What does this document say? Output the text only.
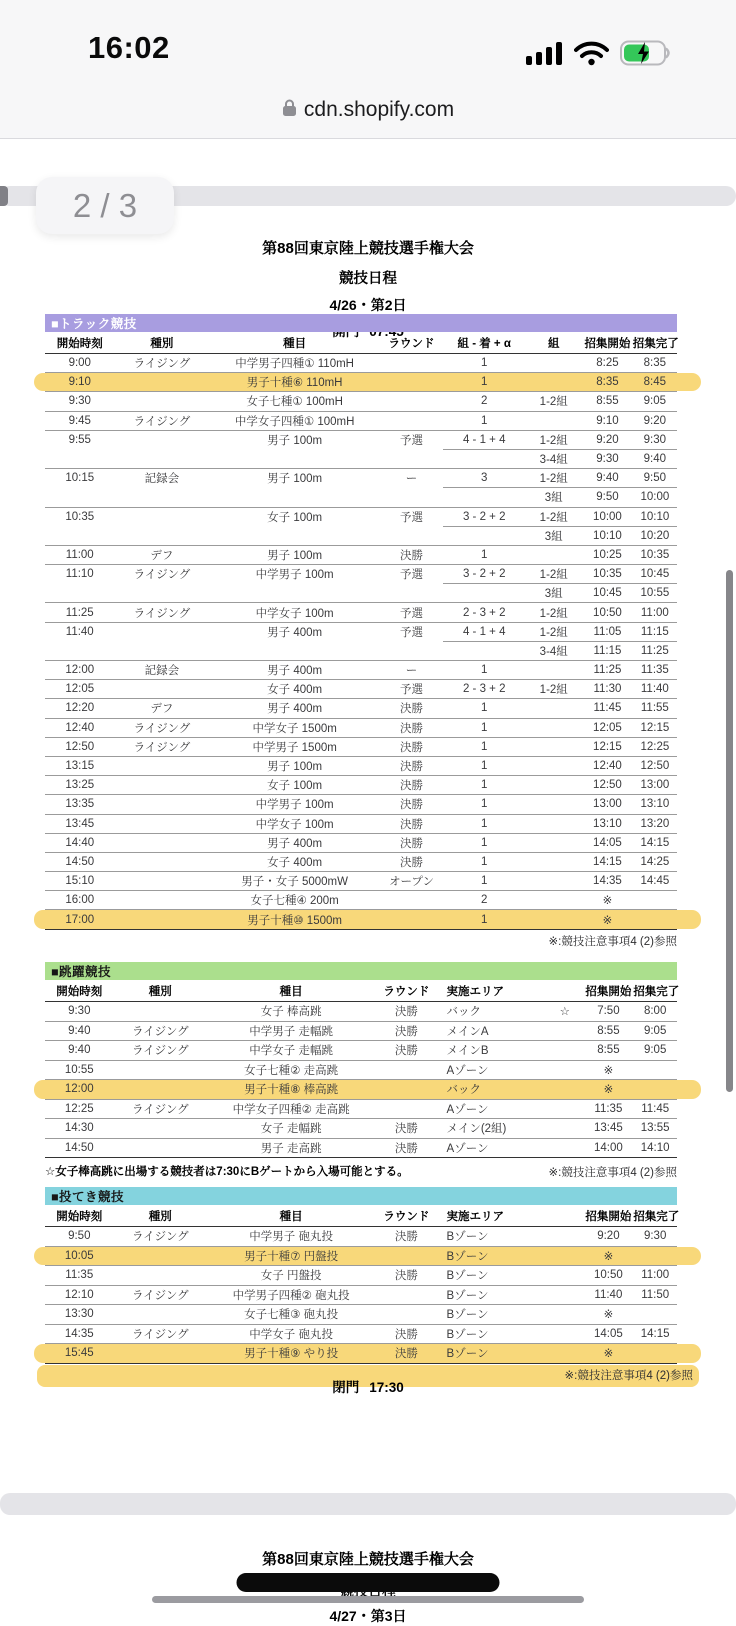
16:02
cdn.shopify.com
2 / 3
第88回東京陸上競技選手権大会
競技日程
4/26・第2日
■トラック競技
開始時刻	種別	種目	ラウンド	組 - 着 + α	組	招集開始	招集完了
9:00	ライジング	中学男子四種① 110mH		1		8:25	8:35
9:10		男子十種⑥ 110mH		1		8:35	8:45
9:30		女子七種① 100mH		2	1-2組	8:55	9:05
9:45	ライジング	中学女子四種① 100mH		1		9:10	9:20
9:55		男子 100m	予選	4 - 1 + 4	1-2組	9:20	9:30
					3-4組	9:30	9:40
10:15	記録会	男子 100m	ー	3	1-2組	9:40	9:50
					3組	9:50	10:00
10:35		女子 100m	予選	3 - 2 + 2	1-2組	10:00	10:10
					3組	10:10	10:20
11:00	デフ	男子 100m	決勝	1		10:25	10:35
11:10	ライジング	中学男子 100m	予選	3 - 2 + 2	1-2組	10:35	10:45
					3組	10:45	10:55
11:25	ライジング	中学女子 100m	予選	2 - 3 + 2	1-2組	10:50	11:00
11:40		男子 400m	予選	4 - 1 + 4	1-2組	11:05	11:15
					3-4組	11:15	11:25
12:00	記録会	男子 400m	ー	1		11:25	11:35
12:05		女子 400m	予選	2 - 3 + 2	1-2組	11:30	11:40
12:20	デフ	男子 400m	決勝	1		11:45	11:55
12:40	ライジング	中学女子 1500m	決勝	1		12:05	12:15
12:50	ライジング	中学男子 1500m	決勝	1		12:15	12:25
13:15		男子 100m	決勝	1		12:40	12:50
13:25		女子 100m	決勝	1		12:50	13:00
13:35		中学男子 100m	決勝	1		13:00	13:10
13:45		中学女子 100m	決勝	1		13:10	13:20
14:40		男子 400m	決勝	1		14:05	14:15
14:50		女子 400m	決勝	1		14:15	14:25
15:10		男子・女子 5000mW	オープン	1		14:35	14:45
16:00		女子七種④ 200m		2		※	
17:00		男子十種⑩ 1500m		1		※	
※:競技注意事項4 (2)参照
■跳躍競技
開始時刻	種別	種目	ラウンド	実施エリア		招集開始	招集完了
9:30		女子 棒高跳	決勝	バック	☆	7:50	8:00
9:40	ライジング	中学男子 走幅跳	決勝	メインA		8:55	9:05
9:40	ライジング	中学女子 走幅跳	決勝	メインB		8:55	9:05
10:55		女子七種② 走高跳		Aゾーン		※	
12:00		男子十種⑧ 棒高跳		バック		※	
12:25	ライジング	中学女子四種② 走高跳		Aゾーン		11:35	11:45
14:30		女子 走幅跳	決勝	メイン(2組)		13:45	13:55
14:50		男子 走高跳	決勝	Aゾーン		14:00	14:10
☆女子棒高跳に出場する競技者は7:30にBゲートから入場可能とする。	※:競技注意事項4 (2)参照
■投てき競技
開始時刻	種別	種目	ラウンド	実施エリア		招集開始	招集完了
9:50	ライジング	中学男子 砲丸投	決勝	Bゾーン		9:20	9:30
10:05		男子十種⑦ 円盤投		Bゾーン		※	
11:35		女子 円盤投	決勝	Bゾーン		10:50	11:00
12:10	ライジング	中学男子四種② 砲丸投		Bゾーン		11:40	11:50
13:30		女子七種③ 砲丸投		Bゾーン		※	
14:35	ライジング	中学女子 砲丸投	決勝	Bゾーン		14:05	14:15
15:45		男子十種⑨ やり投	決勝	Bゾーン		※	
※:競技注意事項4 (2)参照
閉門 17:30
第88回東京陸上競技選手権大会
4/27・第3日
